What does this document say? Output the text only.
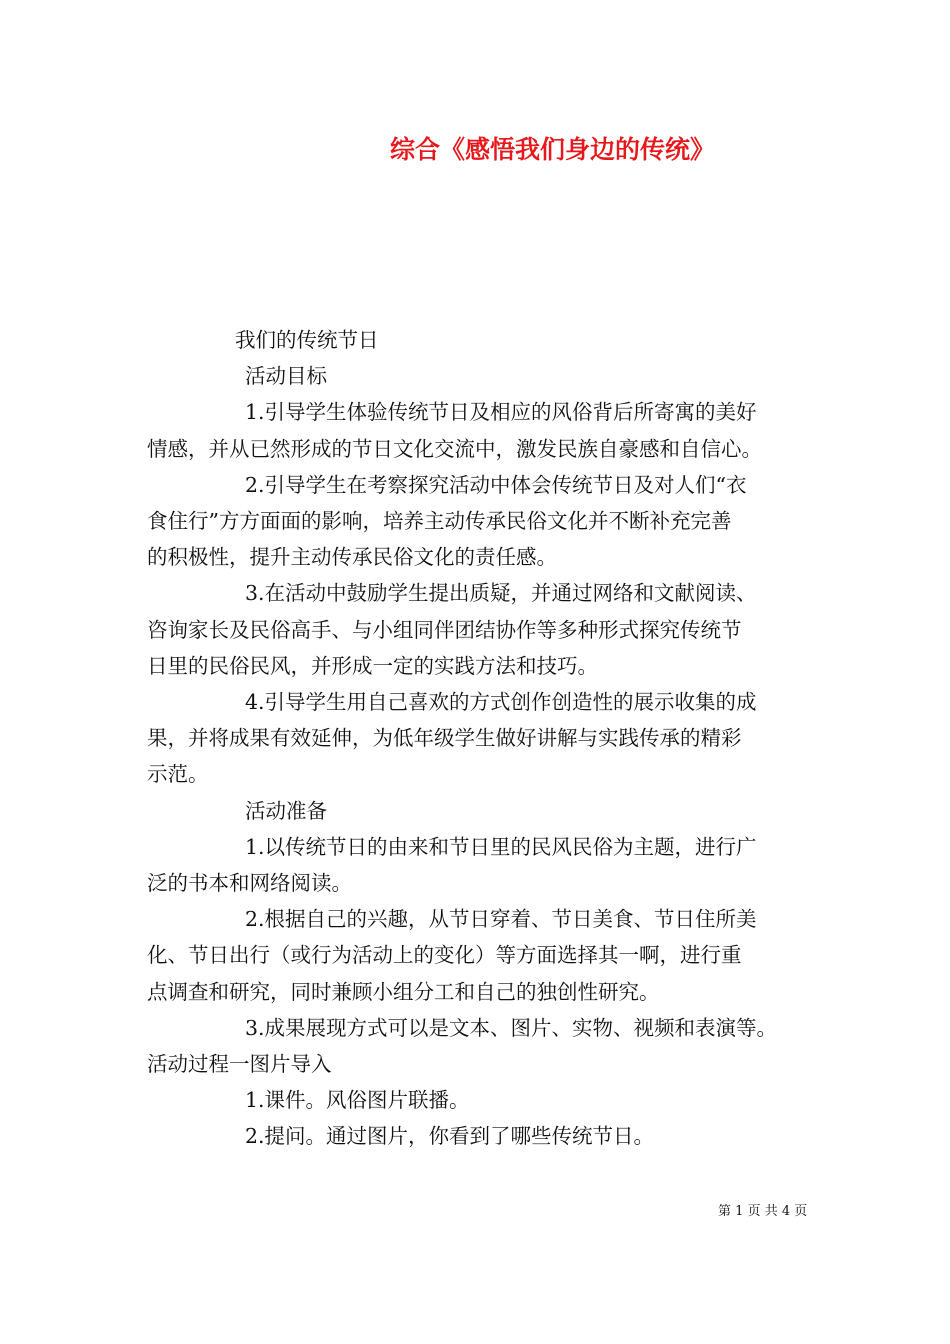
综合《感悟我们身边的传统》

我们的传统节日

活动目标

1.引导学生体验传统节日及相应的风俗背后所寄寓的美好

情感，并从已然形成的节日文化交流中，激发民族自豪感和自信心。

2.引导学生在考察探究活动中体会传统节日及对人们“衣

食住行”方方面面的影响，培养主动传承民俗文化并不断补充完善

的积极性，提升主动传承民俗文化的责任感。

3.在活动中鼓励学生提出质疑，并通过网络和文献阅读、

咨询家长及民俗高手、与小组同伴团结协作等多种形式探究传统节

日里的民俗民风，并形成一定的实践方法和技巧。

4.引导学生用自己喜欢的方式创作创造性的展示收集的成

果，并将成果有效延伸，为低年级学生做好讲解与实践传承的精彩

示范。

活动准备

1.以传统节日的由来和节日里的民风民俗为主题，进行广

泛的书本和网络阅读。

2.根据自己的兴趣，从节日穿着、节日美食、节日住所美

化、节日出行（或行为活动上的变化）等方面选择其一啊，进行重

点调查和研究，同时兼顾小组分工和自己的独创性研究。

3.成果展现方式可以是文本、图片、实物、视频和表演等。

活动过程一图片导入

1.课件。风俗图片联播。

2.提问。通过图片，你看到了哪些传统节日。

第 1 页 共 4 页
